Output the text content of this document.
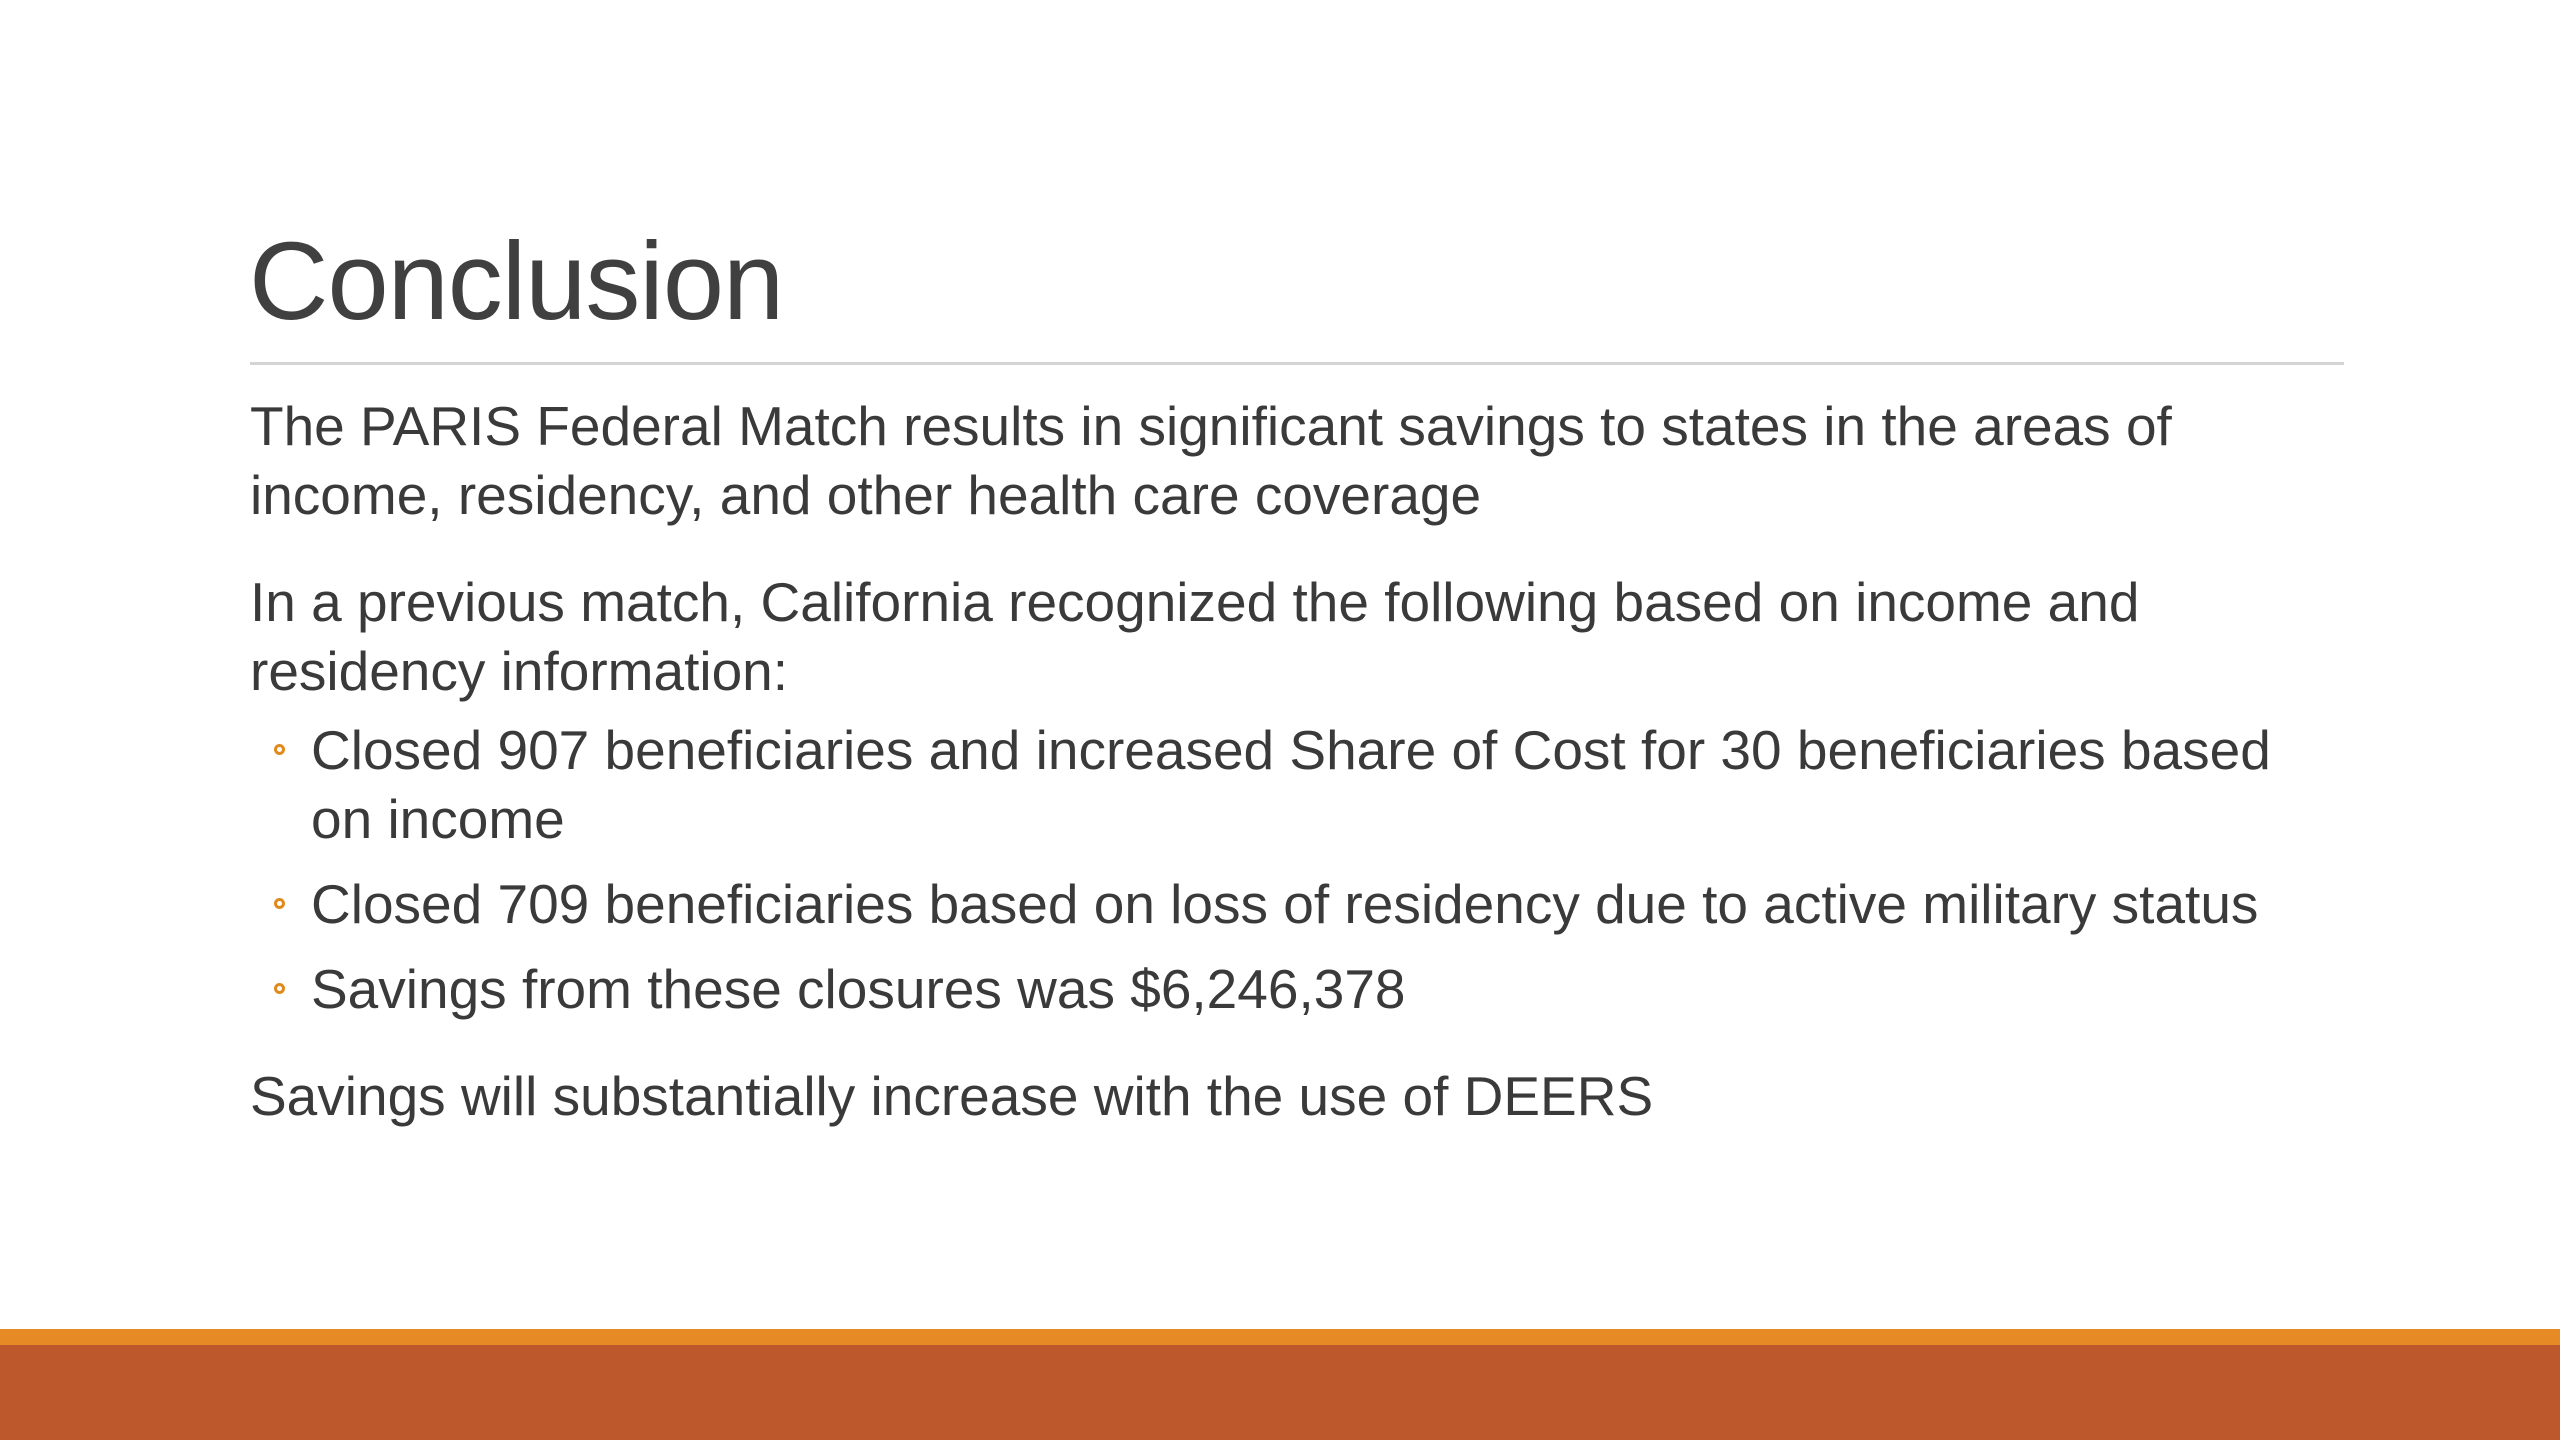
Conclusion

The PARIS Federal Match results in significant savings to states in the areas of income, residency, and other health care coverage

In a previous match, California recognized the following based on income and residency information:

Closed 907 beneficiaries and increased Share of Cost for 30 beneficiaries based on income
Closed 709 beneficiaries based on loss of residency due to active military status
Savings from these closures was $6,246,378

Savings will substantially increase with the use of DEERS
